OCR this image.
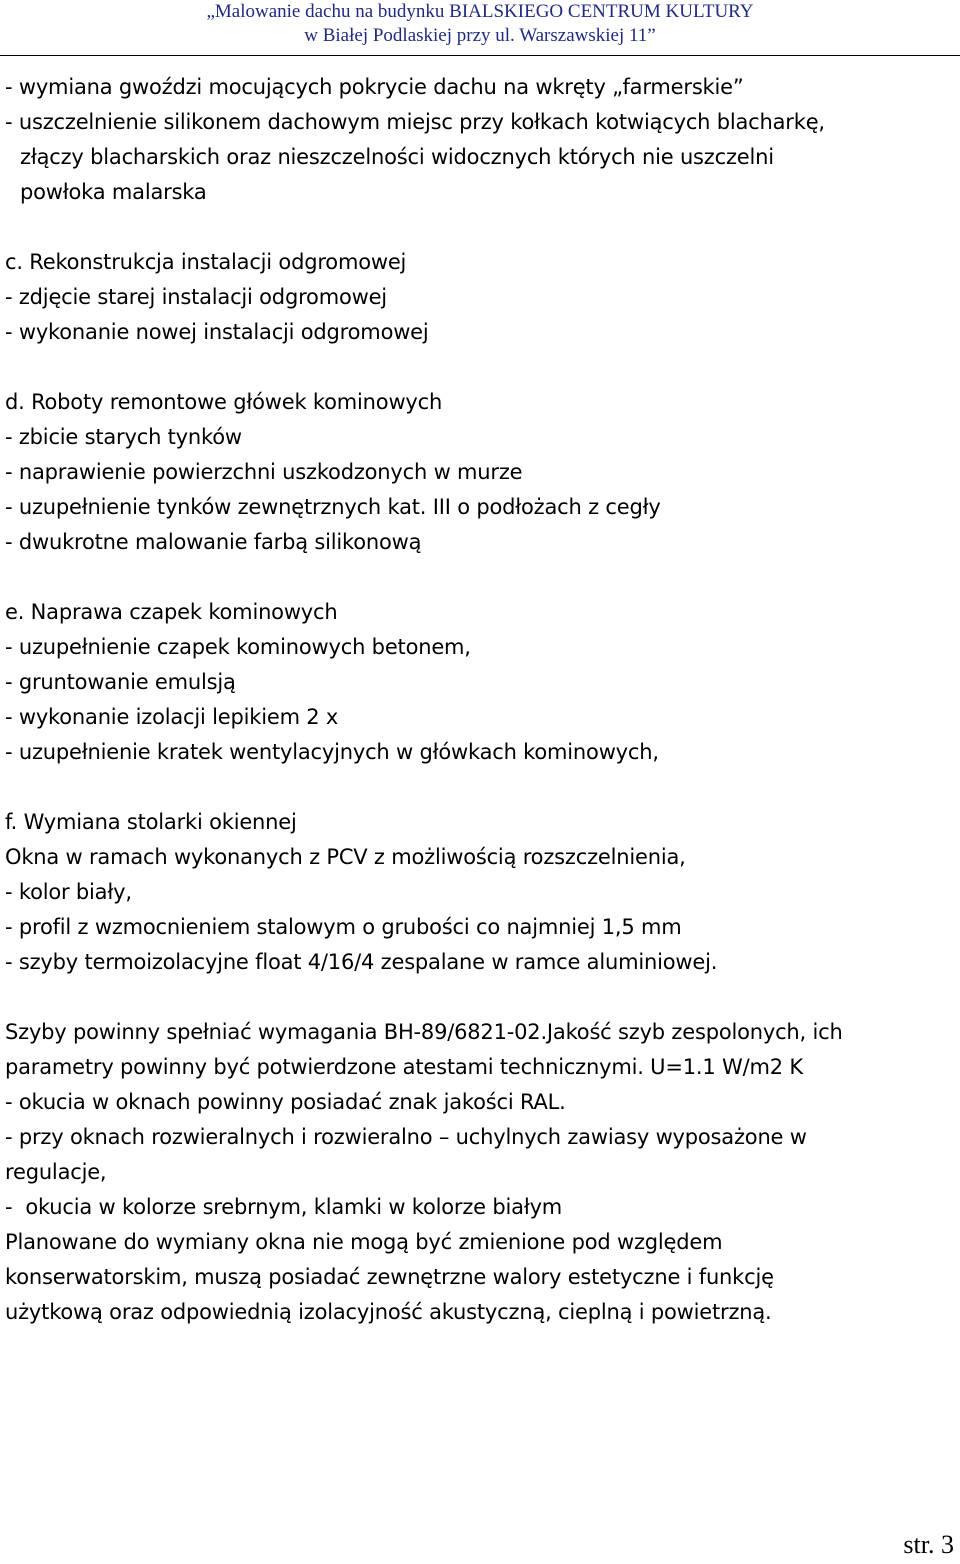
„Malowanie dachu na budynku BIALSKIEGO CENTRUM KULTURY
w Białej Podlaskiej przy ul. Warszawskiej 11”
- wymiana gwoździ mocujących pokrycie dachu na wkręty „farmerskie”
- uszczelnienie silikonem dachowym miejsc przy kołkach kotwiących blacharkę,
złączy blacharskich oraz nieszczelności widocznych których nie uszczelni
powłoka malarska
c. Rekonstrukcja instalacji odgromowej
- zdjęcie starej instalacji odgromowej
- wykonanie nowej instalacji odgromowej
d. Roboty remontowe główek kominowych
- zbicie starych tynków
- naprawienie powierzchni uszkodzonych w murze
- uzupełnienie tynków zewnętrznych kat. III o podłożach z cegły
- dwukrotne malowanie farbą silikonową
e. Naprawa czapek kominowych
- uzupełnienie czapek kominowych betonem,
- gruntowanie emulsją
- wykonanie izolacji lepikiem 2 x
- uzupełnienie kratek wentylacyjnych w główkach kominowych,
f. Wymiana stolarki okiennej
Okna w ramach wykonanych z PCV z możliwością rozszczelnienia,
- kolor biały,
- profil z wzmocnieniem stalowym o grubości co najmniej 1,5 mm
- szyby termoizolacyjne float 4/16/4 zespalane w ramce aluminiowej.
Szyby powinny spełniać wymagania BH-89/6821-02.Jakość szyb zespolonych, ich
parametry powinny być potwierdzone atestami technicznymi. U=1.1 W/m2 K
- okucia w oknach powinny posiadać znak jakości RAL.
- przy oknach rozwieralnych i rozwieralno – uchylnych zawiasy wyposażone w
regulacje,
-  okucia w kolorze srebrnym, klamki w kolorze białym
Planowane do wymiany okna nie mogą być zmienione pod względem
konserwatorskim, muszą posiadać zewnętrzne walory estetyczne i funkcję
użytkową oraz odpowiednią izolacyjność akustyczną, cieplną i powietrzną.
str. 3
